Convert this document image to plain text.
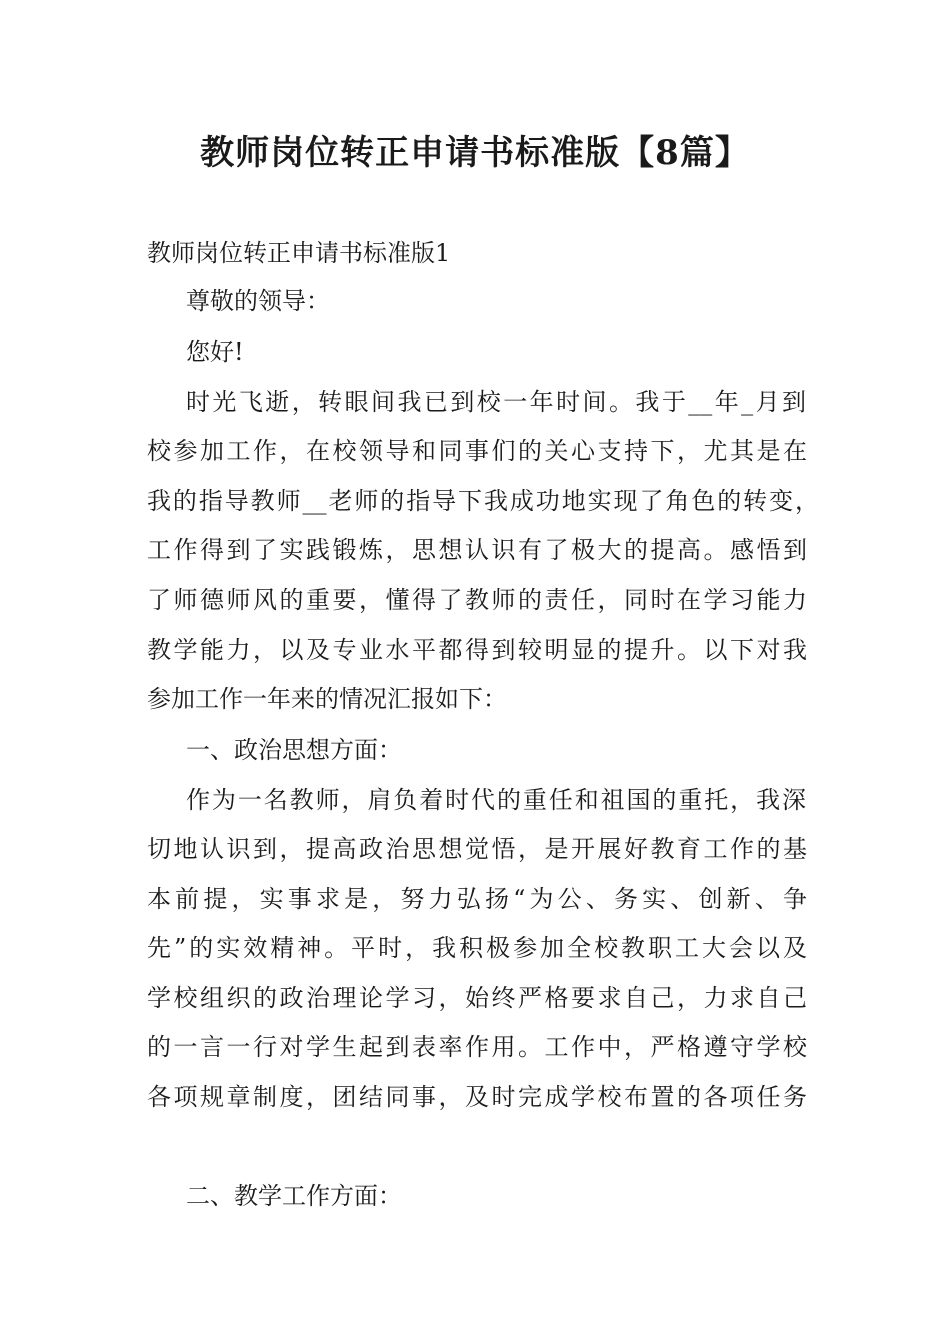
教师岗位转正申请书标准版【8篇】

教师岗位转正申请书标准版1

尊敬的领导：

您好!

时光飞逝，转眼间我已到校一年时间。我于__年_月到

校参加工作，在校领导和同事们的关心支持下，尤其是在

我的指导教师__老师的指导下我成功地实现了角色的转变，

工作得到了实践锻炼，思想认识有了极大的提高。感悟到

了师德师风的重要，懂得了教师的责任，同时在学习能力

教学能力，以及专业水平都得到较明显的提升。以下对我

参加工作一年来的情况汇报如下：

一、政治思想方面：

作为一名教师，肩负着时代的重任和祖国的重托，我深

切地认识到，提高政治思想觉悟，是开展好教育工作的基

本前提，实事求是，努力弘扬“为公、务实、创新、争

先”的实效精神。平时，我积极参加全校教职工大会以及

学校组织的政治理论学习，始终严格要求自己，力求自己

的一言一行对学生起到表率作用。工作中，严格遵守学校

各项规章制度，团结同事，及时完成学校布置的各项任务

二、教学工作方面：
